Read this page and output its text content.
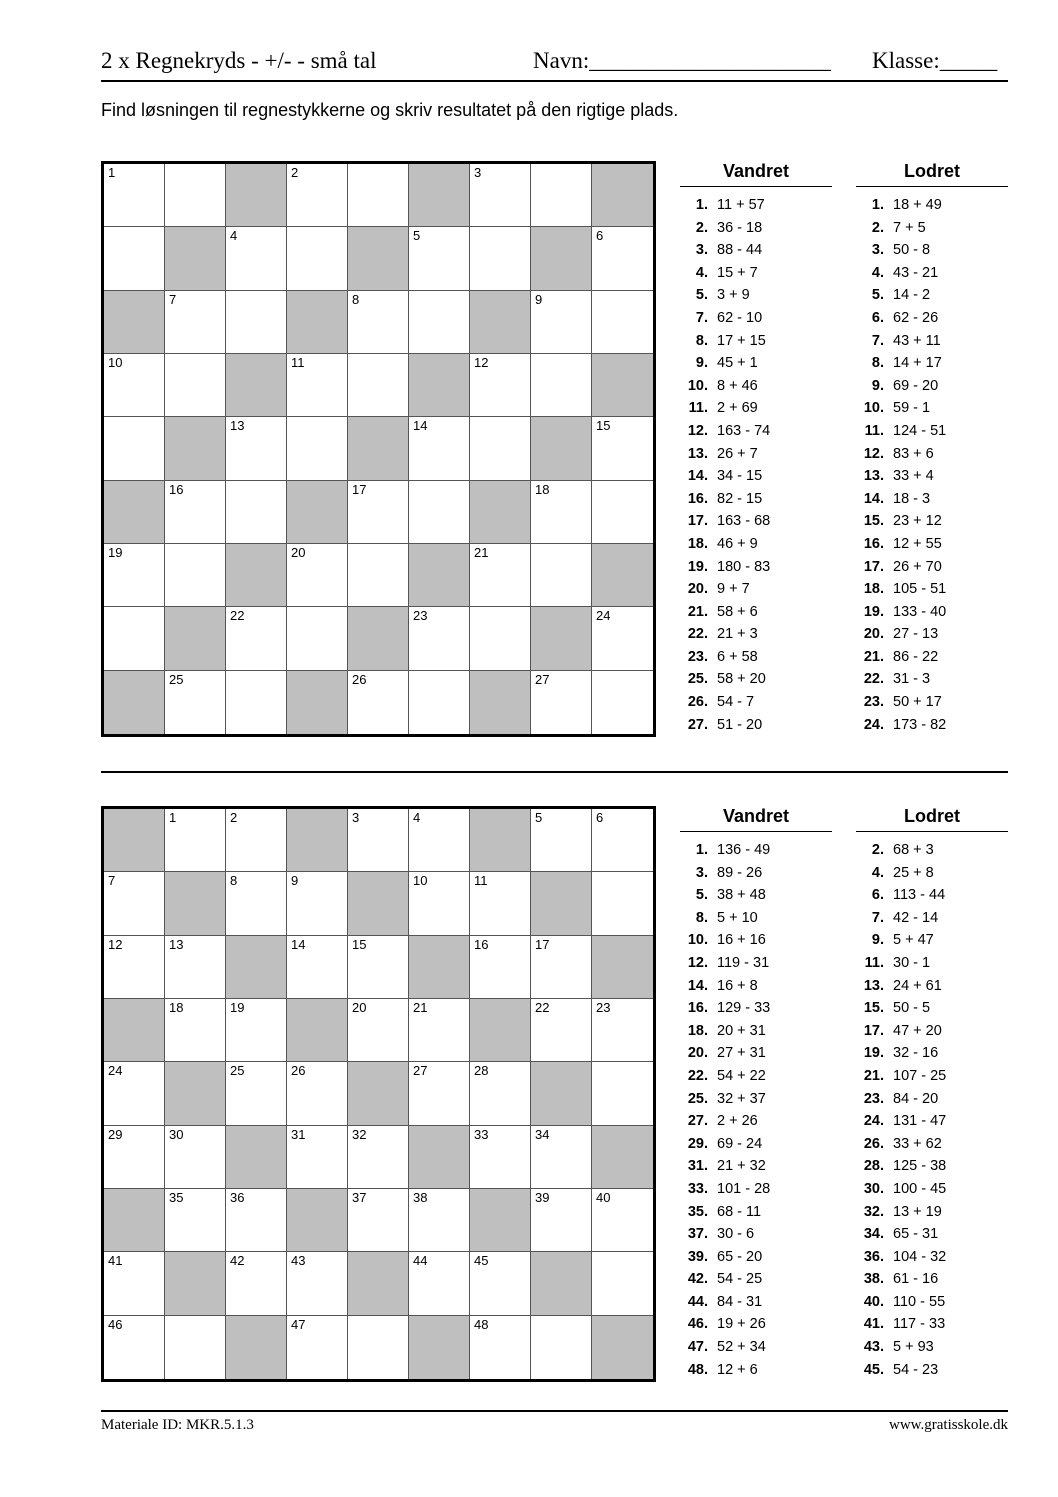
2 x Regnekryds - +/- - små tal	Navn:_____________________ Klasse:_____
Find løsningen til regnestykkerne og skriv resultatet på den rigtige plads.
1	2	3
4	5	6
7	8	9
10	11	12
13	14	15
16	17	18
19	20	21
22	23	24
25	26	27
Vandret	Lodret
1. 11 + 57
2. 36 - 18
3. 88 - 44
4. 15 + 7
5. 3 + 9
7. 62 - 10
8. 17 + 15
9. 45 + 1
10. 8 + 46
11. 2 + 69
12. 163 - 74
13. 26 + 7
14. 34 - 15
16. 82 - 15
17. 163 - 68
18. 46 + 9
19. 180 - 83
20. 9 + 7
21. 58 + 6
22. 21 + 3
23. 6 + 58
25. 58 + 20
26. 54 - 7
27. 51 - 20
1. 18 + 49
2. 7 + 5
3. 50 - 8
4. 43 - 21
5. 14 - 2
6. 62 - 26
7. 43 + 11
8. 14 + 17
9. 69 - 20
10. 59 - 1
11. 124 - 51
12. 83 + 6
13. 33 + 4
14. 18 - 3
15. 23 + 12
16. 12 + 55
17. 26 + 70
18. 105 - 51
19. 133 - 40
20. 27 - 13
21. 86 - 22
22. 31 - 3
23. 50 + 17
24. 173 - 82
1	2	3	4	5	6
7	8	9	10	11
12	13	14	15	16	17
18	19	20	21	22	23
24	25	26	27	28
29	30	31	32	33	34
35	36	37	38	39	40
41	42	43	44	45
46	47	48
Vandret	Lodret
1. 136 - 49
3. 89 - 26
5. 38 + 48
8. 5 + 10
10. 16 + 16
12. 119 - 31
14. 16 + 8
16. 129 - 33
18. 20 + 31
20. 27 + 31
22. 54 + 22
25. 32 + 37
27. 2 + 26
29. 69 - 24
31. 21 + 32
33. 101 - 28
35. 68 - 11
37. 30 - 6
39. 65 - 20
42. 54 - 25
44. 84 - 31
46. 19 + 26
47. 52 + 34
48. 12 + 6
2. 68 + 3
4. 25 + 8
6. 113 - 44
7. 42 - 14
9. 5 + 47
11. 30 - 1
13. 24 + 61
15. 50 - 5
17. 47 + 20
19. 32 - 16
21. 107 - 25
23. 84 - 20
24. 131 - 47
26. 33 + 62
28. 125 - 38
30. 100 - 45
32. 13 + 19
34. 65 - 31
36. 104 - 32
38. 61 - 16
40. 110 - 55
41. 117 - 33
43. 5 + 93
45. 54 - 23
Materiale ID: MKR.5.1.3	www.gratisskole.dk
